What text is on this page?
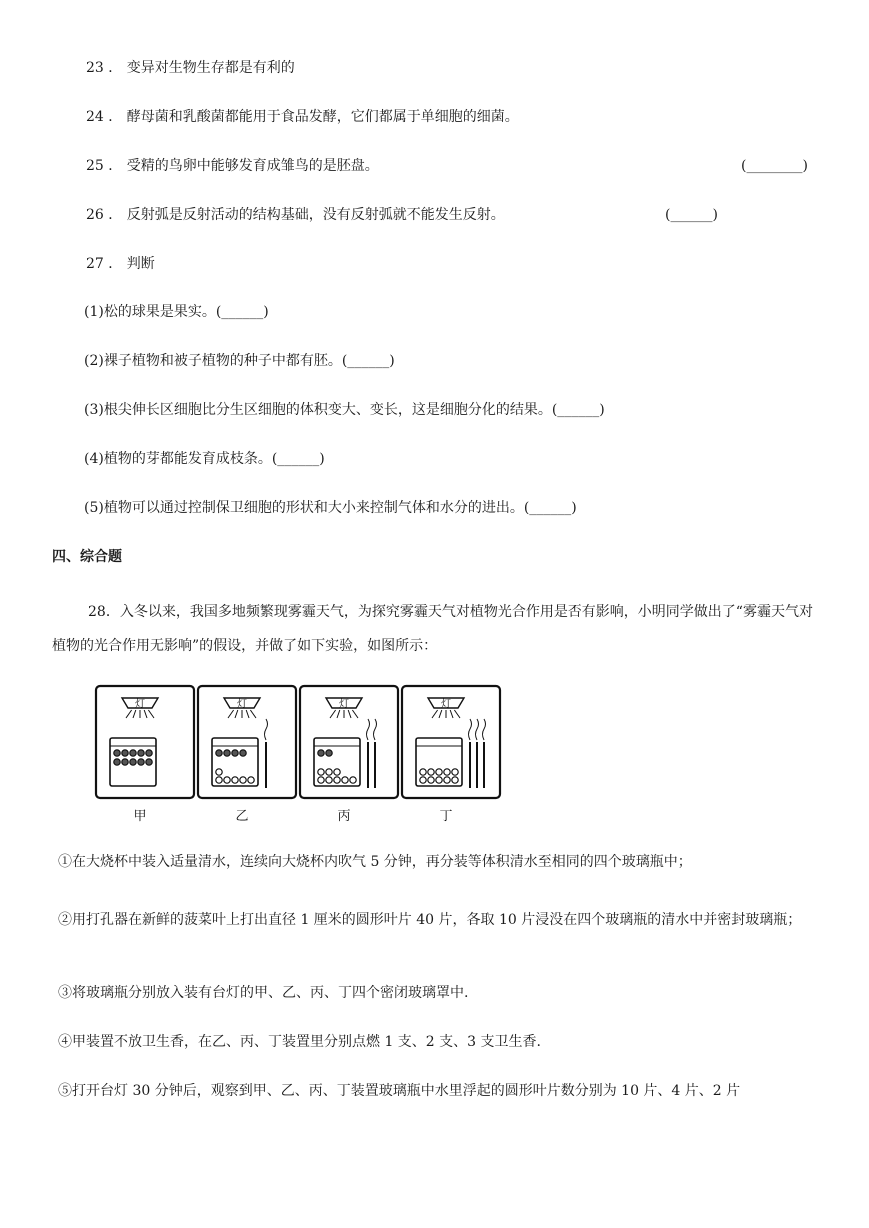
23 ． 变异对生物生存都是有利的
24 ． 酵母菌和乳酸菌都能用于食品发酵，它们都属于单细胞的细菌。
25 ． 受精的鸟卵中能够发育成雏鸟的是胚盘。	(________)
26 ． 反射弧是反射活动的结构基础，没有反射弧就不能发生反射。	(______)
27 ． 判断
(1)松的球果是果实。(______)
(2)裸子植物和被子植物的种子中都有胚。(______)
(3)根尖伸长区细胞比分生区细胞的体积变大、变长，这是细胞分化的结果。(______)
(4)植物的芽都能发育成枝条。(______)
(5)植物可以通过控制保卫细胞的形状和大小来控制气体和水分的进出。(______)
四、综合题
28．入冬以来，我国多地频繁现雾霾天气，为探究雾霾天气对植物光合作用是否有影响，小明同学做出了“雾霾天气对植物的光合作用无影响”的假设，并做了如下实验，如图所示：
灯
甲
灯
乙
灯
丙
灯
丁
①在大烧杯中装入适量清水，连续向大烧杯内吹气 5 分钟，再分装等体积清水至相同的四个玻璃瓶中；
②用打孔器在新鲜的菠菜叶上打出直径 1 厘米的圆形叶片 40 片，各取 10 片浸没在四个玻璃瓶的清水中并密封玻璃瓶；
③将玻璃瓶分别放入装有台灯的甲、乙、丙、丁四个密闭玻璃罩中.
④甲装置不放卫生香，在乙、丙、丁装置里分别点燃 1 支、2 支、3 支卫生香.
⑤打开台灯 30 分钟后，观察到甲、乙、丙、丁装置玻璃瓶中水里浮起的圆形叶片数分别为 10 片、4 片、2 片
